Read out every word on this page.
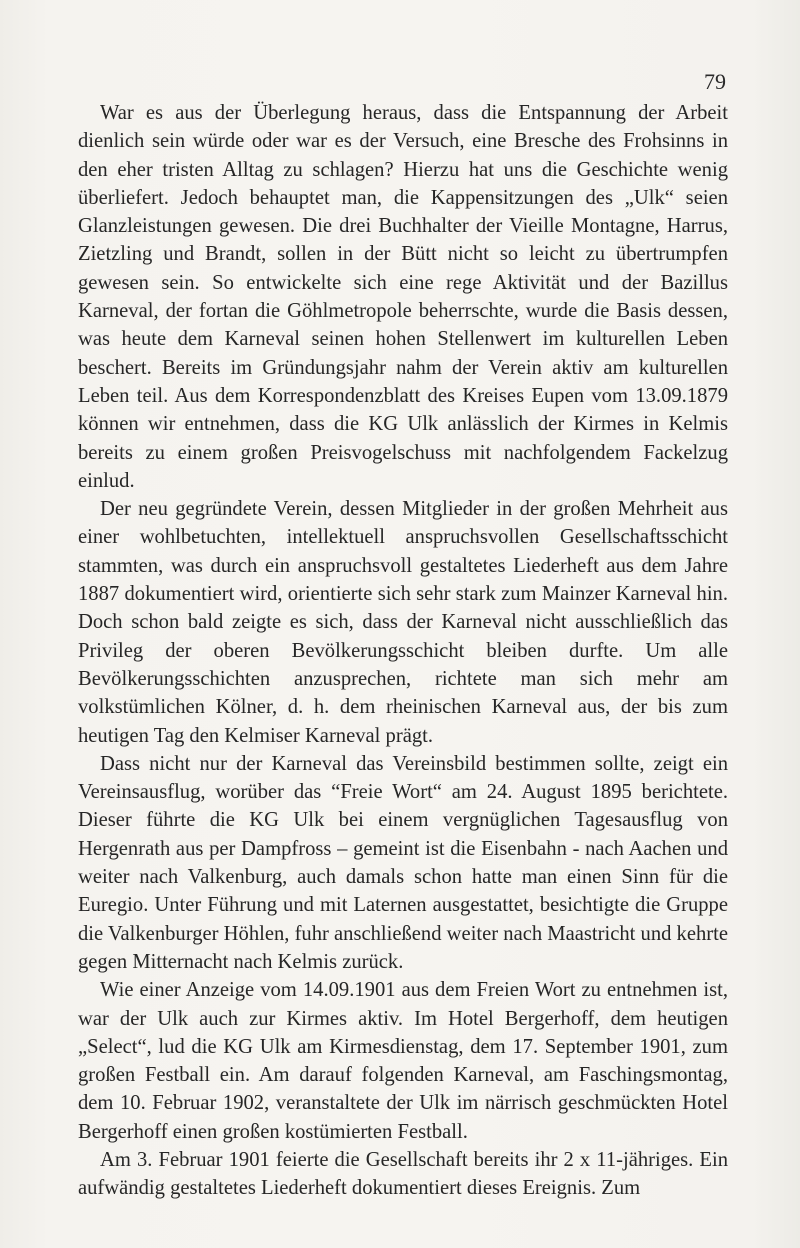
79

War es aus der Überlegung heraus, dass die Entspannung der Arbeit dienlich sein würde oder war es der Versuch, eine Bresche des Frohsinns in den eher tristen Alltag zu schlagen? Hierzu hat uns die Geschichte wenig überliefert. Jedoch behauptet man, die Kappensitzungen des „Ulk“ seien Glanzleistungen gewesen. Die drei Buchhalter der Vieille Montagne, Harrus, Zietzling und Brandt, sollen in der Bütt nicht so leicht zu übertrumpfen gewesen sein. So entwickelte sich eine rege Aktivität und der Bazillus Karneval, der fortan die Göhlmetropole beherrschte, wurde die Basis dessen, was heute dem Karneval seinen hohen Stellenwert im kulturellen Leben beschert. Bereits im Gründungsjahr nahm der Verein aktiv am kulturellen Leben teil. Aus dem Korrespondenzblatt des Kreises Eupen vom 13.09.1879 können wir entnehmen, dass die KG Ulk anlässlich der Kirmes in Kelmis bereits zu einem großen Preisvogelschuss mit nachfolgendem Fackelzug einlud.

Der neu gegründete Verein, dessen Mitglieder in der großen Mehrheit aus einer wohlbetuchten, intellektuell anspruchsvollen Gesellschaftsschicht stammten, was durch ein anspruchsvoll gestaltetes Liederheft aus dem Jahre 1887 dokumentiert wird, orientierte sich sehr stark zum Mainzer Karneval hin. Doch schon bald zeigte es sich, dass der Karneval nicht ausschließlich das Privileg der oberen Bevölkerungsschicht bleiben durfte. Um alle Bevölkerungsschichten anzusprechen, richtete man sich mehr am volkstümlichen Kölner, d. h. dem rheinischen Karneval aus, der bis zum heutigen Tag den Kelmiser Karneval prägt.

Dass nicht nur der Karneval das Vereinsbild bestimmen sollte, zeigt ein Vereinsausflug, worüber das “Freie Wort“ am 24. August 1895 berichtete. Dieser führte die KG Ulk bei einem vergnüglichen Tagesausflug von Hergenrath aus per Dampfross – gemeint ist die Eisenbahn - nach Aachen und weiter nach Valkenburg, auch damals schon hatte man einen Sinn für die Euregio. Unter Führung und mit Laternen ausgestattet, besichtigte die Gruppe die Valkenburger Höhlen, fuhr anschließend weiter nach Maastricht und kehrte gegen Mitternacht nach Kelmis zurück.

Wie einer Anzeige vom 14.09.1901 aus dem Freien Wort zu entnehmen ist, war der Ulk auch zur Kirmes aktiv. Im Hotel Bergerhoff, dem heutigen „Select“, lud die KG Ulk am Kirmesdienstag, dem 17. September 1901, zum großen Festball ein. Am darauf folgenden Karneval, am Faschingsmontag, dem 10. Februar 1902, veranstaltete der Ulk im närrisch geschmückten Hotel Bergerhoff einen großen kostümierten Festball.

Am 3. Februar 1901 feierte die Gesellschaft bereits ihr 2 x 11-jähriges. Ein aufwändig gestaltetes Liederheft dokumentiert dieses Ereignis. Zum
